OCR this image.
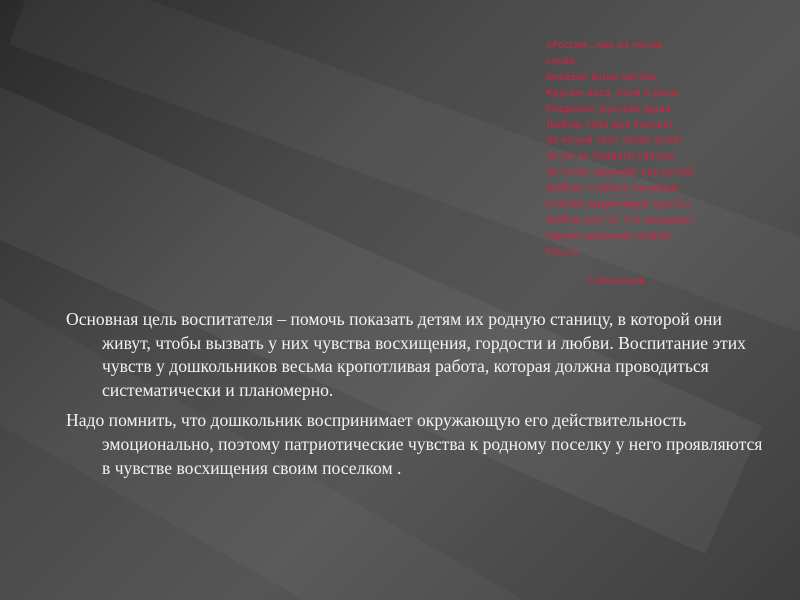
«Россия…как из песни
слово,
Берёзок юная листва,
Кругом леса, поля и реки
Раздолье, русская душа.
Люблю тебя моя Россия!
За ясный свет твоих очей!
За ум за подвиги святые,
За голос звонкий, как ручей,
Люблю, глубоко понимаю
Степей задумчивую грусть!
Люблю всё то, что называют
Одним широким словом
Русь!»
С.Васильев

Основная цель воспитателя – помочь показать детям их родную станицу, в которой они живут, чтобы вызвать у них чувства восхищения, гордости и любви. Воспитание этих чувств у дошкольников весьма кропотливая работа, которая должна проводиться систематически и планомерно.

Надо помнить, что дошкольник воспринимает окружающую его действительность эмоционально, поэтому патриотические чувства к родному поселку у него проявляются в чувстве восхищения своим поселком .
